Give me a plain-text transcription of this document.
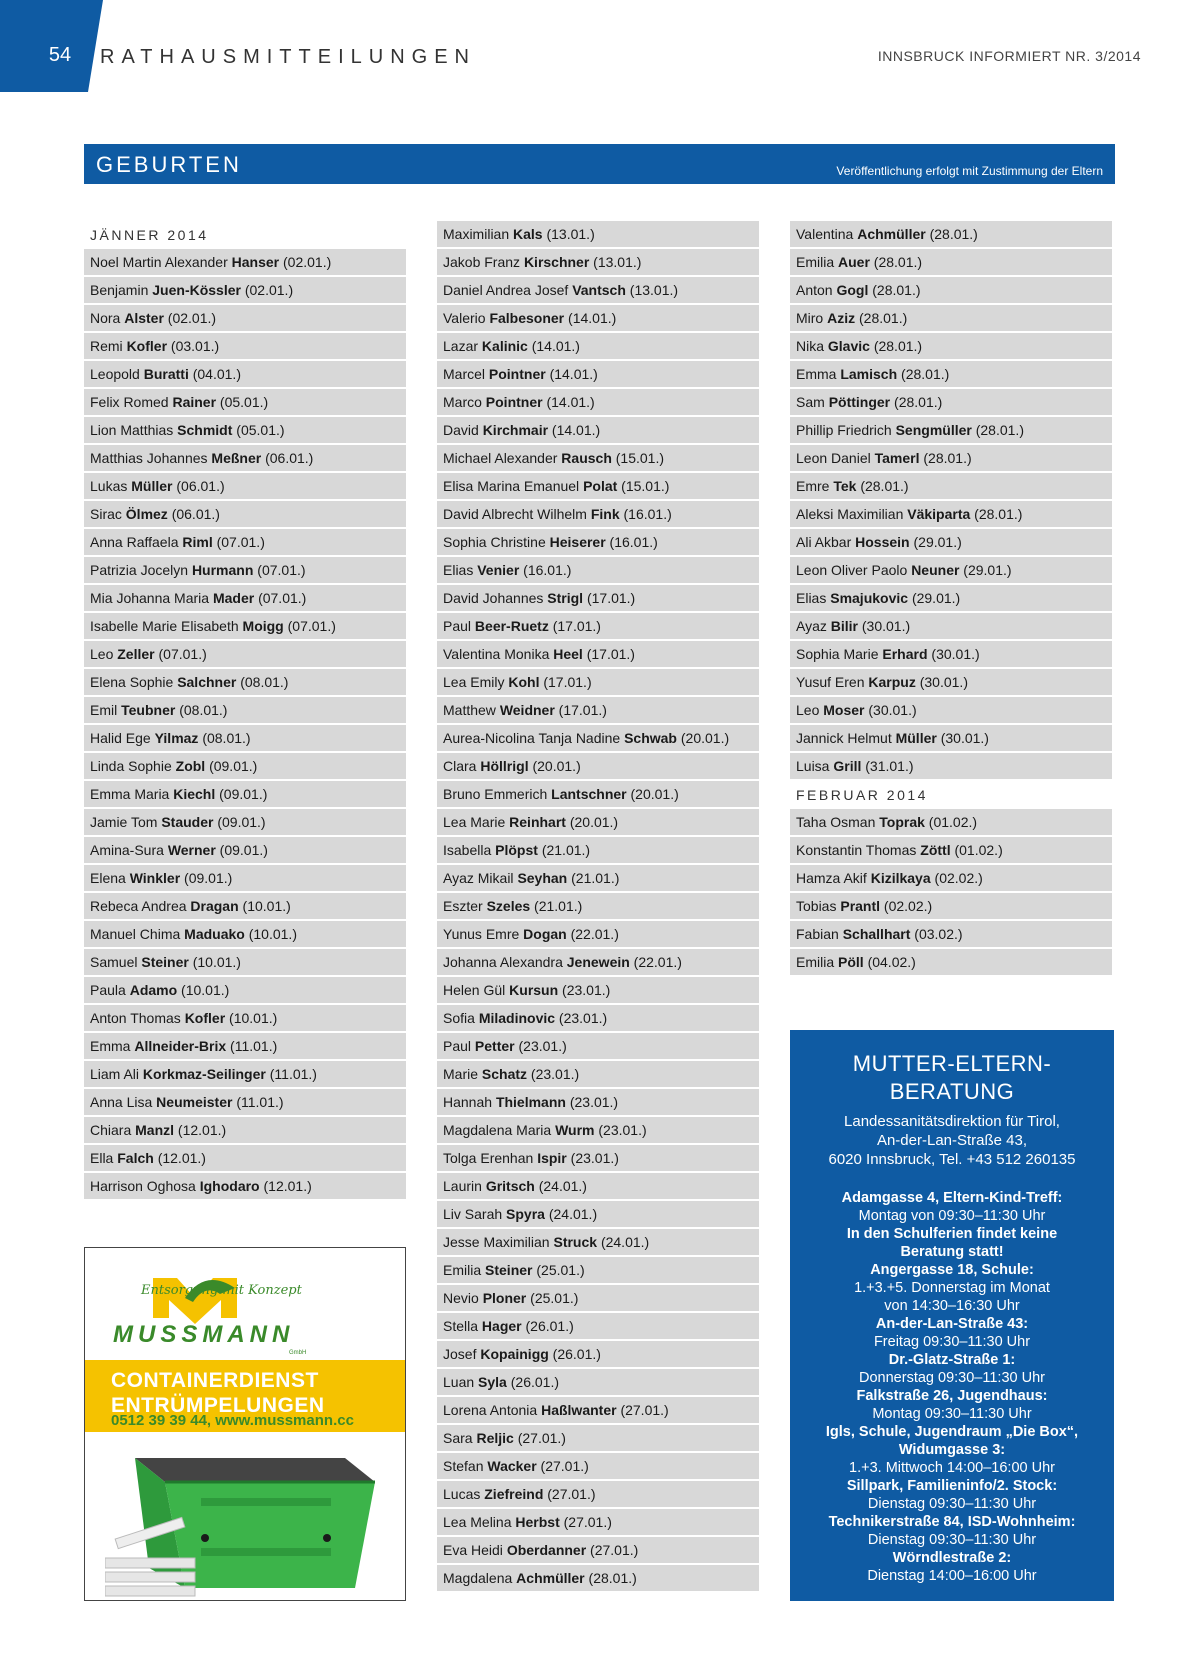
54	RATHAUSMITTEILUNGEN	INNSBRUCK INFORMIERT NR. 3/2014
GEBURTEN	Veröffentlichung erfolgt mit Zustimmung der Eltern
JÄNNER 2014
Noel Martin Alexander Hanser (02.01.)
Benjamin Juen-Kössler (02.01.)
Nora Alster (02.01.)
Remi Kofler (03.01.)
Leopold Buratti (04.01.)
Felix Romed Rainer (05.01.)
Lion Matthias Schmidt (05.01.)
Matthias Johannes Meßner (06.01.)
Lukas Müller (06.01.)
Sirac Ölmez (06.01.)
Anna Raffaela Riml (07.01.)
Patrizia Jocelyn Hurmann (07.01.)
Mia Johanna Maria Mader (07.01.)
Isabelle Marie Elisabeth Moigg (07.01.)
Leo Zeller (07.01.)
Elena Sophie Salchner (08.01.)
Emil Teubner (08.01.)
Halid Ege Yilmaz (08.01.)
Linda Sophie Zobl (09.01.)
Emma Maria Kiechl (09.01.)
Jamie Tom Stauder (09.01.)
Amina-Sura Werner (09.01.)
Elena Winkler (09.01.)
Rebeca Andrea Dragan (10.01.)
Manuel Chima Maduako (10.01.)
Samuel Steiner (10.01.)
Paula Adamo (10.01.)
Anton Thomas Kofler (10.01.)
Emma Allneider-Brix (11.01.)
Liam Ali Korkmaz-Seilinger (11.01.)
Anna Lisa Neumeister (11.01.)
Chiara Manzl (12.01.)
Ella Falch (12.01.)
Harrison Oghosa Ighodaro (12.01.)
Maximilian Kals (13.01.)
Jakob Franz Kirschner (13.01.)
Daniel Andrea Josef Vantsch (13.01.)
Valerio Falbesoner (14.01.)
Lazar Kalinic (14.01.)
Marcel Pointner (14.01.)
Marco Pointner (14.01.)
David Kirchmair (14.01.)
Michael Alexander Rausch (15.01.)
Elisa Marina Emanuel Polat (15.01.)
David Albrecht Wilhelm Fink (16.01.)
Sophia Christine Heiserer (16.01.)
Elias Venier (16.01.)
David Johannes Strigl (17.01.)
Paul Beer-Ruetz (17.01.)
Valentina Monika Heel (17.01.)
Lea Emily Kohl (17.01.)
Matthew Weidner (17.01.)
Aurea-Nicolina Tanja Nadine Schwab (20.01.)
Clara Höllrigl (20.01.)
Bruno Emmerich Lantschner (20.01.)
Lea Marie Reinhart (20.01.)
Isabella Plöpst (21.01.)
Ayaz Mikail Seyhan (21.01.)
Eszter Szeles (21.01.)
Yunus Emre Dogan (22.01.)
Johanna Alexandra Jenewein (22.01.)
Helen Gül Kursun (23.01.)
Sofia Miladinovic (23.01.)
Paul Petter (23.01.)
Marie Schatz (23.01.)
Hannah Thielmann (23.01.)
Magdalena Maria Wurm (23.01.)
Tolga Erenhan Ispir (23.01.)
Laurin Gritsch (24.01.)
Liv Sarah Spyra (24.01.)
Jesse Maximilian Struck (24.01.)
Emilia Steiner (25.01.)
Nevio Ploner (25.01.)
Stella Hager (26.01.)
Josef Kopainigg (26.01.)
Luan Syla (26.01.)
Lorena Antonia Haßlwanter (27.01.)
Sara Reljic (27.01.)
Stefan Wacker (27.01.)
Lucas Ziefreind (27.01.)
Lea Melina Herbst (27.01.)
Eva Heidi Oberdanner (27.01.)
Magdalena Achmüller (28.01.)
Valentina Achmüller (28.01.)
Emilia Auer (28.01.)
Anton Gogl (28.01.)
Miro Aziz (28.01.)
Nika Glavic (28.01.)
Emma Lamisch (28.01.)
Sam Pöttinger (28.01.)
Phillip Friedrich Sengmüller (28.01.)
Leon Daniel Tamerl (28.01.)
Emre Tek (28.01.)
Aleksi Maximilian Väkiparta (28.01.)
Ali Akbar Hossein (29.01.)
Leon Oliver Paolo Neuner (29.01.)
Elias Smajukovic (29.01.)
Ayaz Bilir (30.01.)
Sophia Marie Erhard (30.01.)
Yusuf Eren Karpuz (30.01.)
Leo Moser (30.01.)
Jannick Helmut Müller (30.01.)
Luisa Grill (31.01.)
FEBRUAR 2014
Taha Osman Toprak (01.02.)
Konstantin Thomas Zöttl (01.02.)
Hamza Akif Kizilkaya (02.02.)
Tobias Prantl (02.02.)
Fabian Schallhart (03.02.)
Emilia Pöll (04.02.)
Entsorgung mit Konzept
MUSSMANN
GmbH
CONTAINERDIENST
ENTRÜMPELUNGEN
0512 39 39 44, www.mussmann.cc
MUTTER-ELTERN-
BERATUNG
Landessanitätsdirektion für Tirol,
An-der-Lan-Straße 43,
6020 Innsbruck, Tel. +43 512 260135
Adamgasse 4, Eltern-Kind-Treff:
Montag von 09:30–11:30 Uhr
In den Schulferien findet keine
Beratung statt!
Angergasse 18, Schule:
1.+3.+5. Donnerstag im Monat
von 14:30–16:30 Uhr
An-der-Lan-Straße 43:
Freitag 09:30–11:30 Uhr
Dr.-Glatz-Straße 1:
Donnerstag 09:30–11:30 Uhr
Falkstraße 26, Jugendhaus:
Montag 09:30–11:30 Uhr
Igls, Schule, Jugendraum „Die Box“,
Widumgasse 3:
1.+3. Mittwoch 14:00–16:00 Uhr
Sillpark, Familieninfo/2. Stock:
Dienstag 09:30–11:30 Uhr
Technikerstraße 84, ISD-Wohnheim:
Dienstag 09:30–11:30 Uhr
Wörndlestraße 2:
Dienstag 14:00–16:00 Uhr
